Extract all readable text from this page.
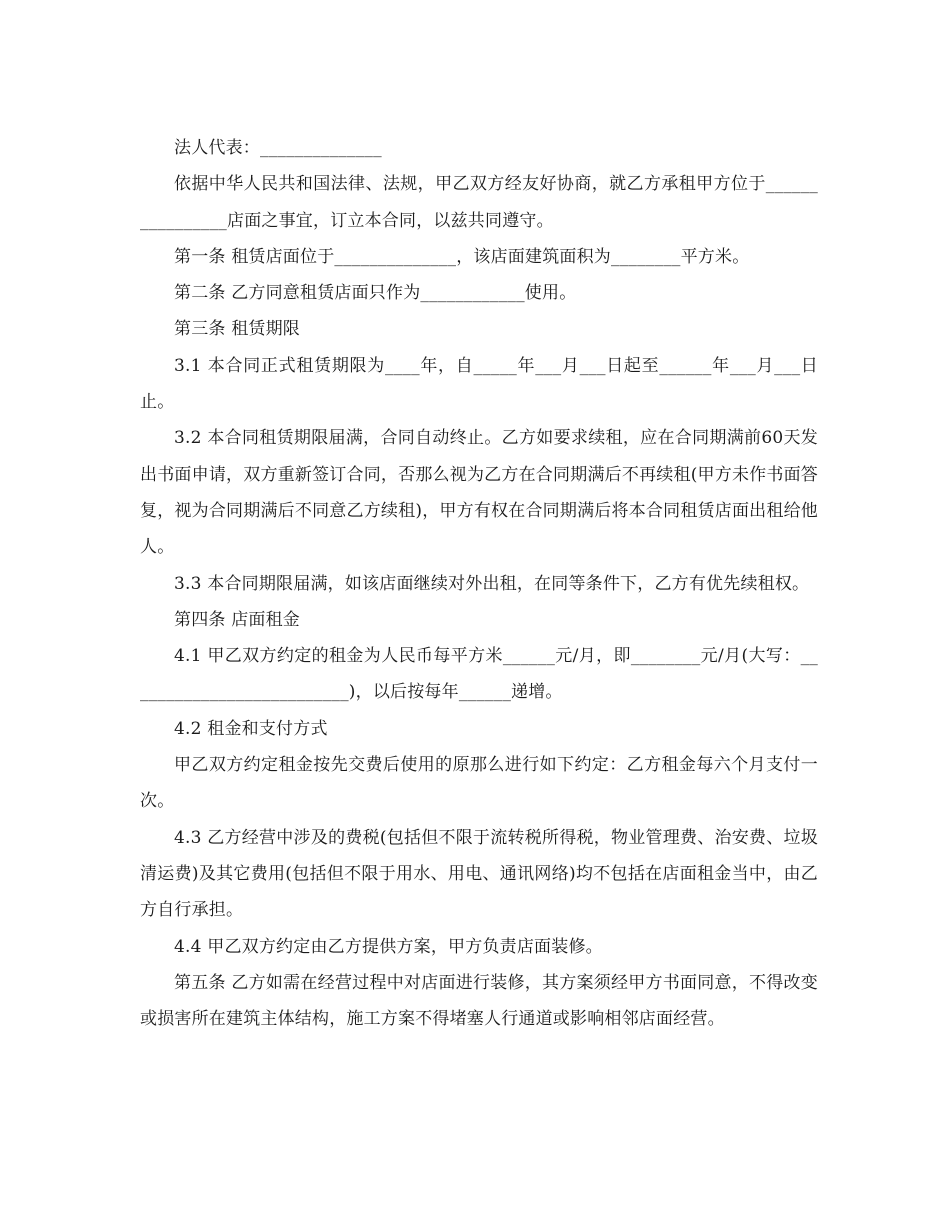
法人代表：______________

依据中华人民共和国法律、法规，甲乙双方经友好协商，就乙方承租甲方位于________________店面之事宜，订立本合同，以兹共同遵守。

第一条 租赁店面位于______________，该店面建筑面积为________平方米。

第二条 乙方同意租赁店面只作为____________使用。

第三条 租赁期限

3.1 本合同正式租赁期限为____年，自_____年___月___日起至______年___月___日止。

3.2 本合同租赁期限届满，合同自动终止。乙方如要求续租，应在合同期满前60天发出书面申请，双方重新签订合同，否那么视为乙方在合同期满后不再续租(甲方未作书面答复，视为合同期满后不同意乙方续租)，甲方有权在合同期满后将本合同租赁店面出租给他人。

3.3 本合同期限届满，如该店面继续对外出租，在同等条件下，乙方有优先续租权。

第四条 店面租金

4.1 甲乙双方约定的租金为人民币每平方米______元/月，即________元/月(大写：__________________________)，以后按每年______递增。

4.2 租金和支付方式

甲乙双方约定租金按先交费后使用的原那么进行如下约定：乙方租金每六个月支付一次。

4.3 乙方经营中涉及的费税(包括但不限于流转税所得税，物业管理费、治安费、垃圾清运费)及其它费用(包括但不限于用水、用电、通讯网络)均不包括在店面租金当中，由乙方自行承担。

4.4 甲乙双方约定由乙方提供方案，甲方负责店面装修。

第五条 乙方如需在经营过程中对店面进行装修，其方案须经甲方书面同意，不得改变或损害所在建筑主体结构，施工方案不得堵塞人行通道或影响相邻店面经营。
